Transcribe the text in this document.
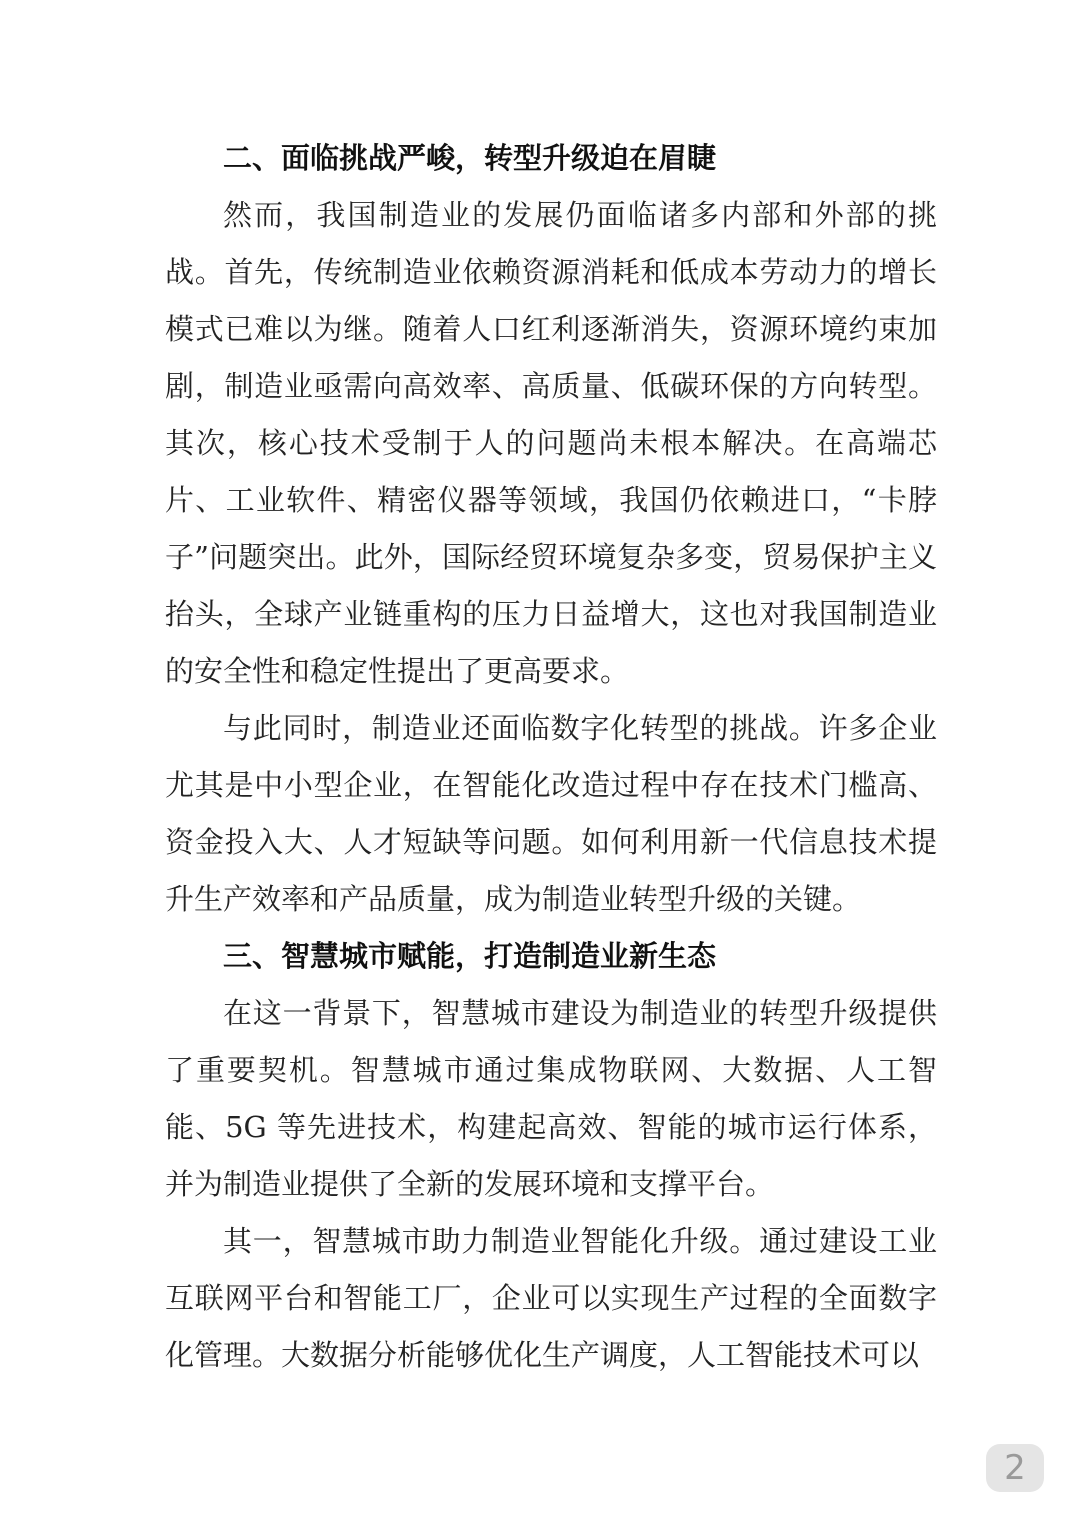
二、面临挑战严峻，转型升级迫在眉睫

然而，我国制造业的发展仍面临诸多内部和外部的挑战。首先，传统制造业依赖资源消耗和低成本劳动力的增长模式已难以为继。随着人口红利逐渐消失，资源环境约束加剧，制造业亟需向高效率、高质量、低碳环保的方向转型。其次，核心技术受制于人的问题尚未根本解决。在高端芯片、工业软件、精密仪器等领域，我国仍依赖进口，“卡脖子”问题突出。此外，国际经贸环境复杂多变，贸易保护主义抬头，全球产业链重构的压力日益增大，这也对我国制造业的安全性和稳定性提出了更高要求。

与此同时，制造业还面临数字化转型的挑战。许多企业尤其是中小型企业，在智能化改造过程中存在技术门槛高、资金投入大、人才短缺等问题。如何利用新一代信息技术提升生产效率和产品质量，成为制造业转型升级的关键。

三、智慧城市赋能，打造制造业新生态

在这一背景下，智慧城市建设为制造业的转型升级提供了重要契机。智慧城市通过集成物联网、大数据、人工智能、5G 等先进技术，构建起高效、智能的城市运行体系，并为制造业提供了全新的发展环境和支撑平台。

其一，智慧城市助力制造业智能化升级。通过建设工业互联网平台和智能工厂，企业可以实现生产过程的全面数字化管理。大数据分析能够优化生产调度，人工智能技术可以

2
